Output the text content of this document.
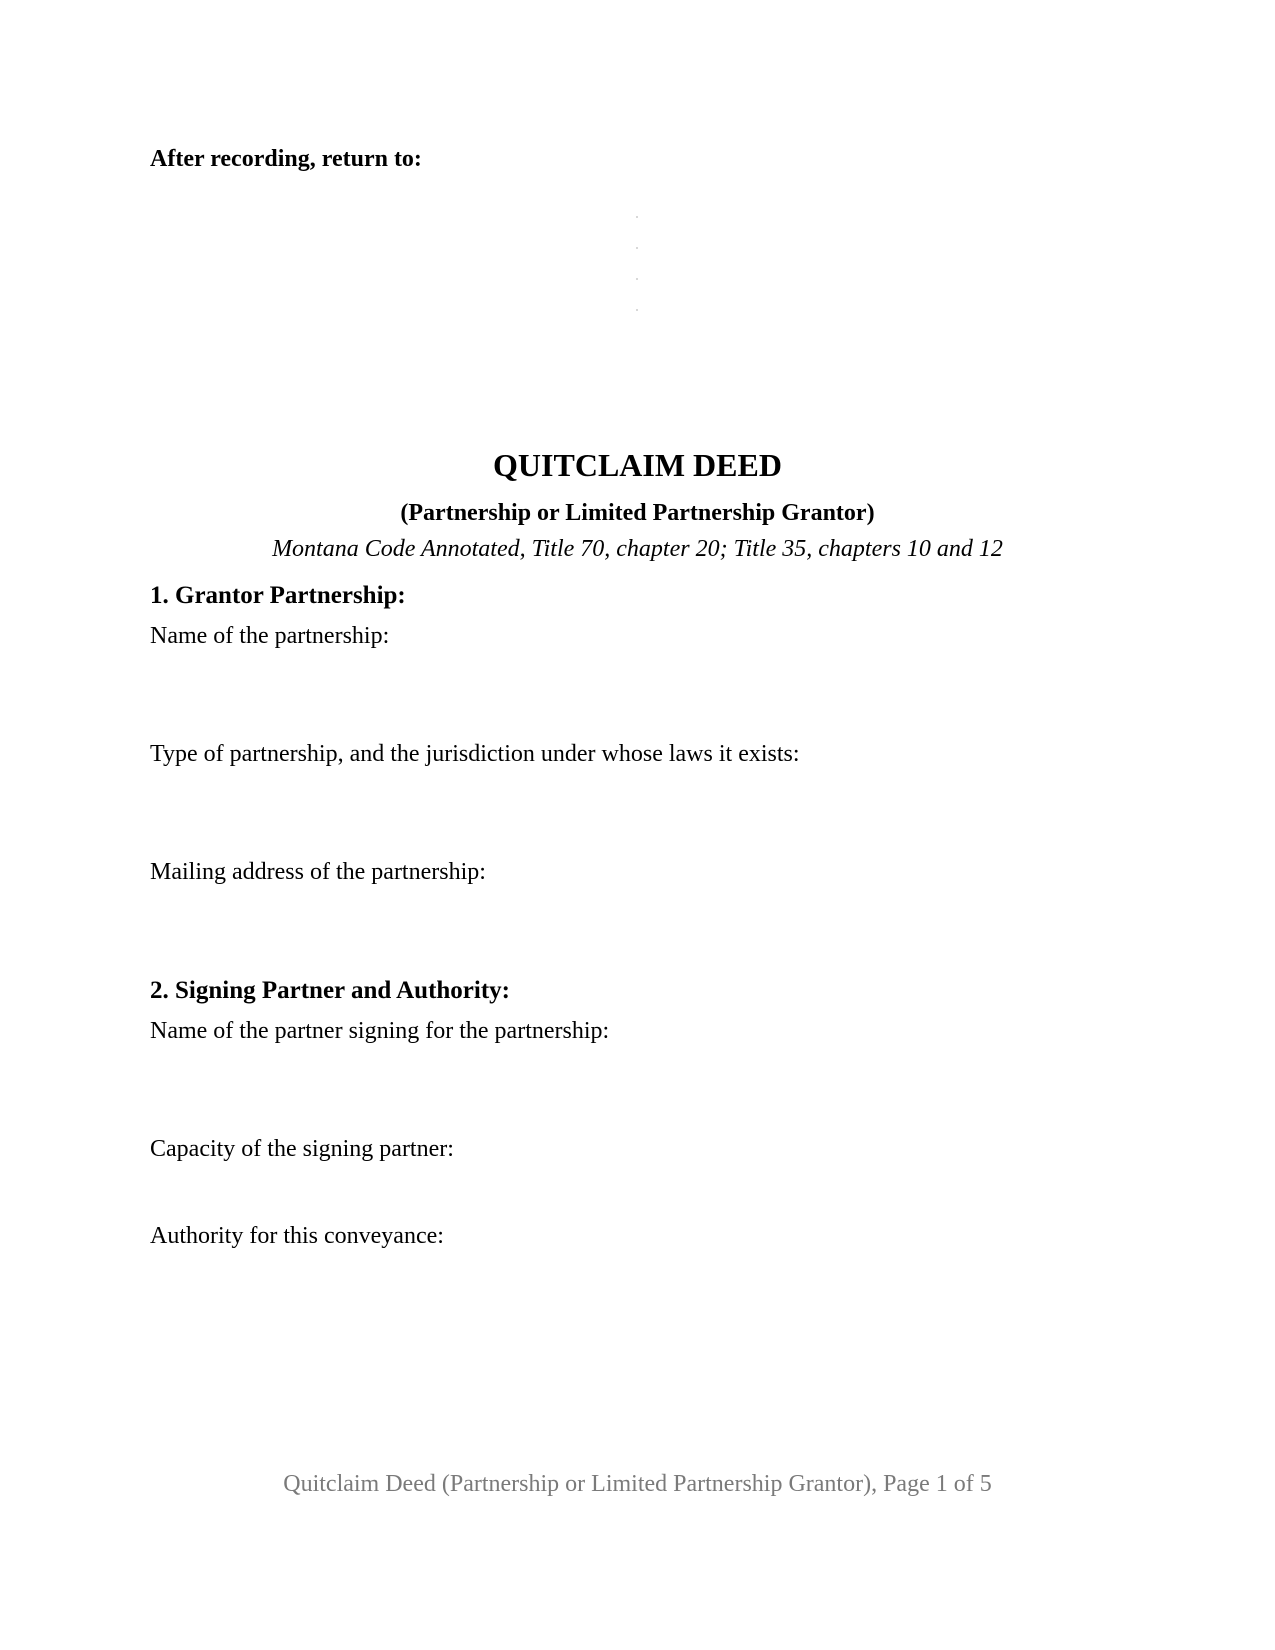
After recording, return to:
QUITCLAIM DEED
(Partnership or Limited Partnership Grantor)
Montana Code Annotated, Title 70, chapter 20; Title 35, chapters 10 and 12
1. Grantor Partnership:
Name of the partnership:
Type of partnership, and the jurisdiction under whose laws it exists:
Mailing address of the partnership:
2. Signing Partner and Authority:
Name of the partner signing for the partnership:
Capacity of the signing partner:
Authority for this conveyance:
Quitclaim Deed (Partnership or Limited Partnership Grantor), Page 1 of 5
